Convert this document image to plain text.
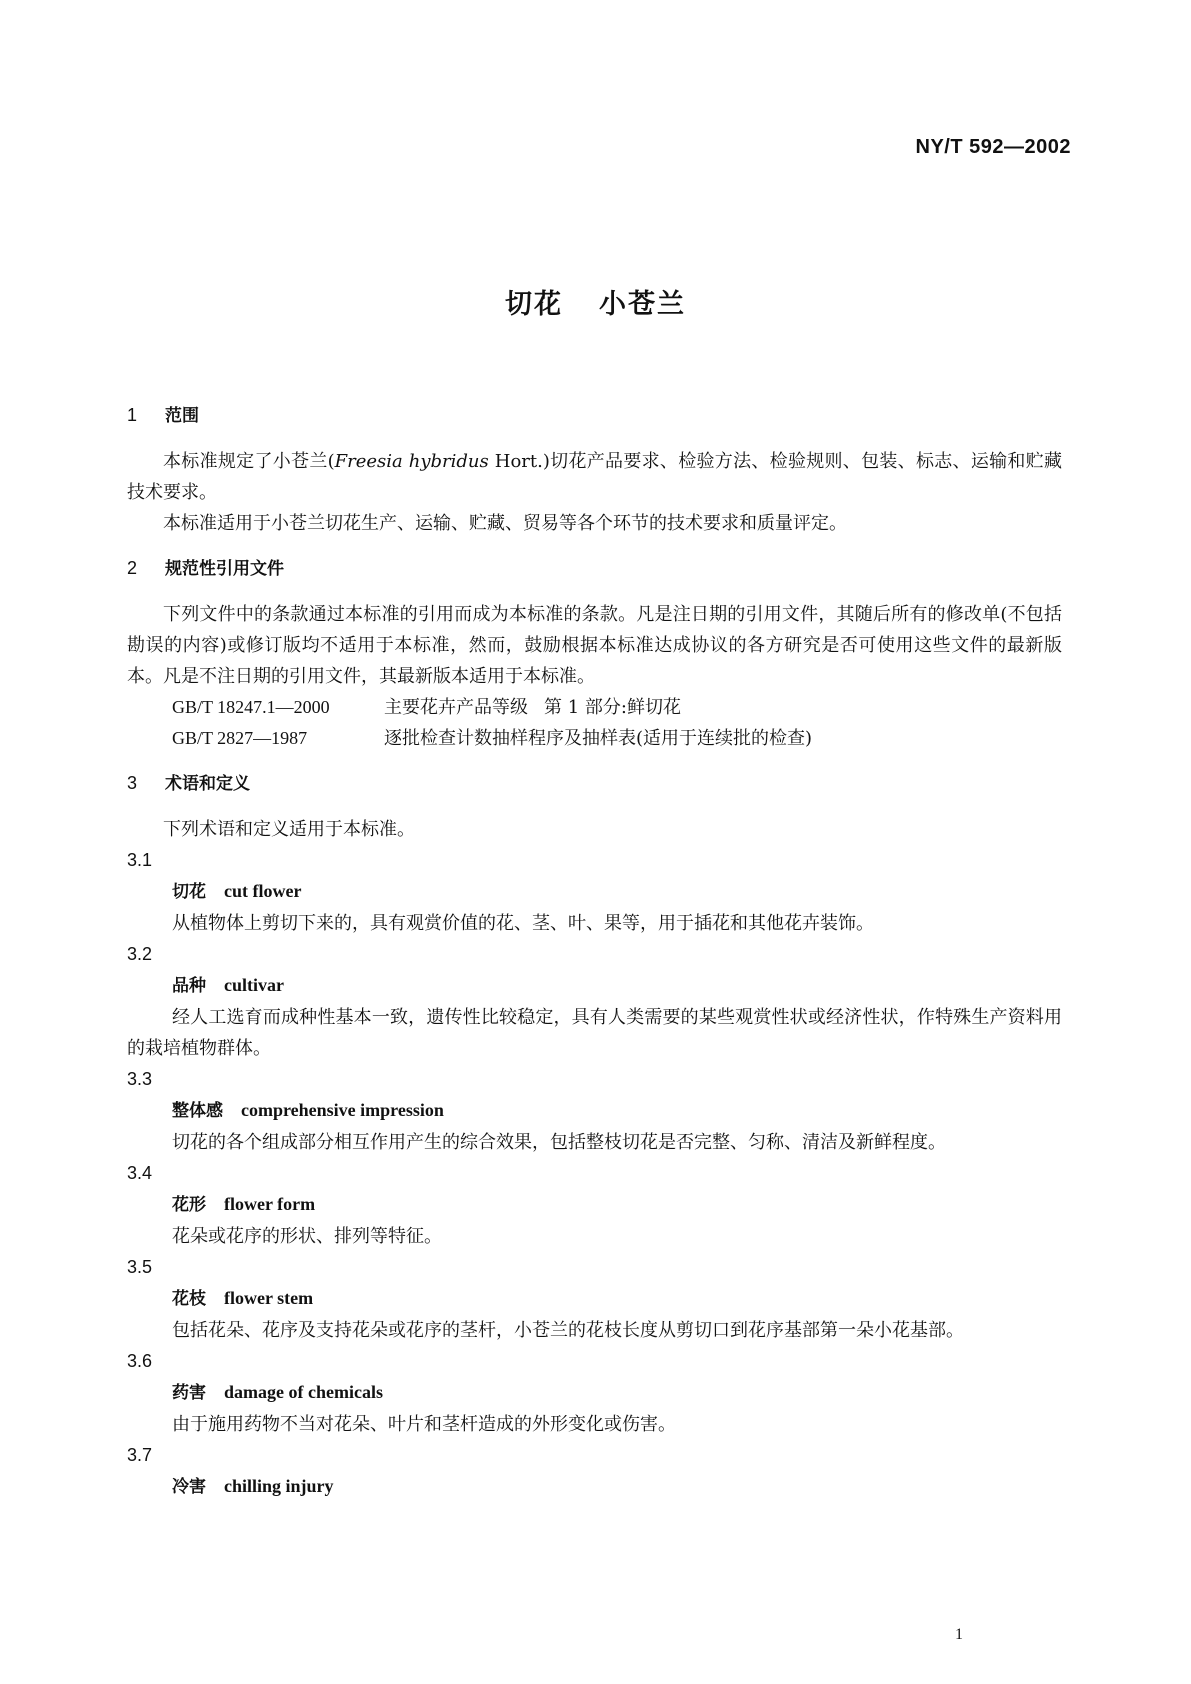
NY/T 592—2002
切花 小苍兰

1 范围

本标准规定了小苍兰(Freesia hybridus Hort.)切花产品要求、检验方法、检验规则、包装、标志、运输和贮藏技术要求。

本标准适用于小苍兰切花生产、运输、贮藏、贸易等各个环节的技术要求和质量评定。

2 规范性引用文件

下列文件中的条款通过本标准的引用而成为本标准的条款。凡是注日期的引用文件，其随后所有的修改单(不包括勘误的内容)或修订版均不适用于本标准，然而，鼓励根据本标准达成协议的各方研究是否可使用这些文件的最新版本。凡是不注日期的引用文件，其最新版本适用于本标准。

GB/T 18247.1—2000	主要花卉产品等级 第 1 部分:鲜切花

GB/T 2827—1987	逐批检查计数抽样程序及抽样表(适用于连续批的检查)

3 术语和定义

下列术语和定义适用于本标准。

3.1

切花 cut flower

从植物体上剪切下来的，具有观赏价值的花、茎、叶、果等，用于插花和其他花卉装饰。

3.2

品种 cultivar

经人工选育而成种性基本一致，遗传性比较稳定，具有人类需要的某些观赏性状或经济性状，作特殊生产资料用的栽培植物群体。

3.3

整体感 comprehensive impression

切花的各个组成部分相互作用产生的综合效果，包括整枝切花是否完整、匀称、清洁及新鲜程度。

3.4

花形 flower form

花朵或花序的形状、排列等特征。

3.5

花枝 flower stem

包括花朵、花序及支持花朵或花序的茎杆，小苍兰的花枝长度从剪切口到花序基部第一朵小花基部。

3.6

药害 damage of chemicals

由于施用药物不当对花朵、叶片和茎杆造成的外形变化或伤害。

3.7

冷害 chilling injury

1
